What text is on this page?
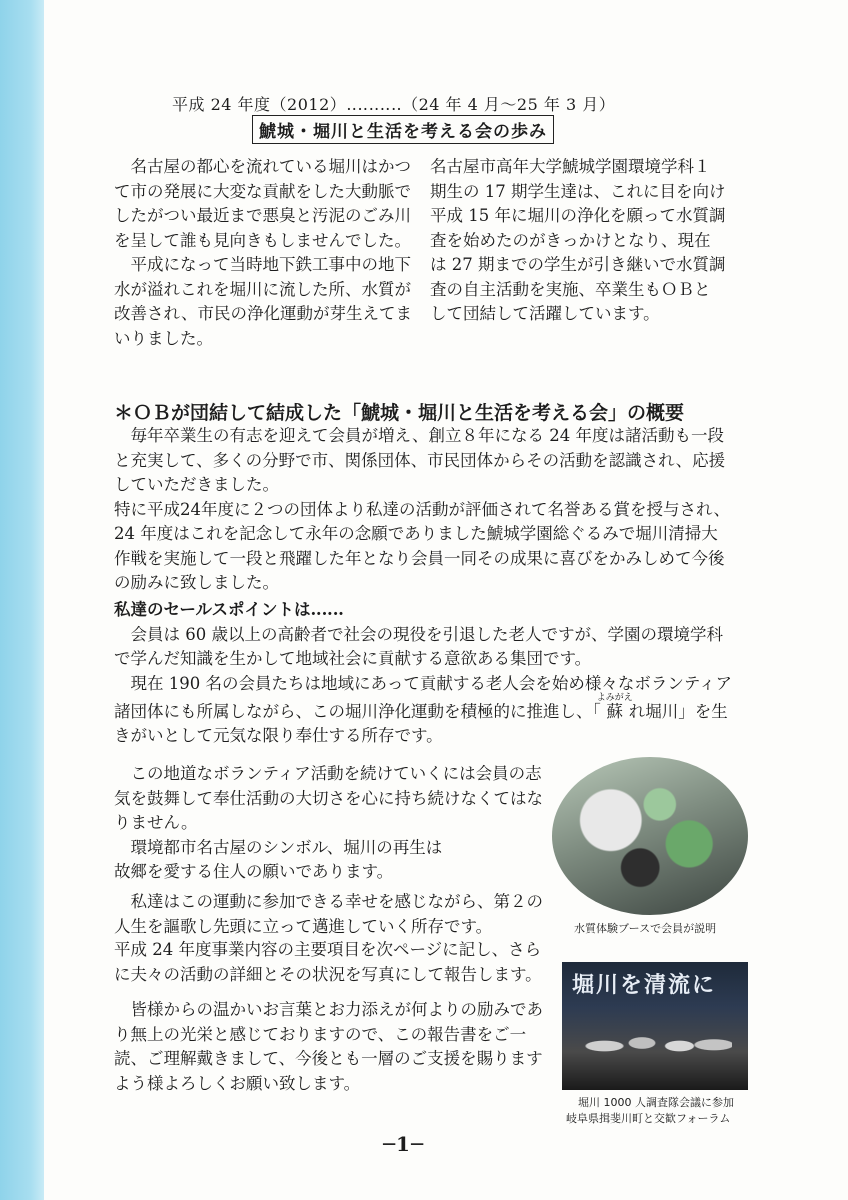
平成 24 年度（2012）‥‥‥‥‥（24 年 4 月～25 年 3 月）
鯱城・堀川と生活を考える会の歩み

名古屋の都心を流れている堀川はかつて市の発展に大変な貢献をした大動脈でしたがつい最近まで悪臭と汚泥のごみ川を呈して誰も見向きもしませんでした。

平成になって当時地下鉄工事中の地下水が溢れこれを堀川に流した所、水質が改善され、市民の浄化運動が芽生えてまいりました。

名古屋市高年大学鯱城学園環境学科１期生の 17 期学生達は、これに目を向け平成 15 年に堀川の浄化を願って水質調査を始めたのがきっかけとなり、現在は 27 期までの学生が引き継いで水質調査の自主活動を実施、卒業生もＯＢとして団結して活躍しています。

＊ＯＢが団結して結成した「鯱城・堀川と生活を考える会」の概要

毎年卒業生の有志を迎えて会員が増え、創立８年になる 24 年度は諸活動も一段と充実して、多くの分野で市、関係団体、市民団体からその活動を認識され、応援していただきました。

特に平成24年度に２つの団体より私達の活動が評価されて名誉ある賞を授与され、24 年度はこれを記念して永年の念願でありました鯱城学園総ぐるみで堀川清掃大作戦を実施して一段と飛躍した年となり会員一同その成果に喜びをかみしめて今後の励みに致しました。

私達のセールスポイントは‥‥‥

会員は 60 歳以上の高齢者で社会の現役を引退した老人ですが、学園の環境学科で学んだ知識を生かして地域社会に貢献する意欲ある集団です。

現在 190 名の会員たちは地域にあって貢献する老人会を始め様々なボランティア諸団体にも所属しながら、この堀川浄化運動を積極的に推進し、「蘇よみがえれ堀川」を生きがいとして元気な限り奉仕する所存です。

この地道なボランティア活動を続けていくには会員の志気を鼓舞して奉仕活動の大切さを心に持ち続けなくてはなりません。

環境都市名古屋のシンボル、堀川の再生は

故郷を愛する住人の願いであります。

私達はこの運動に参加できる幸せを感じながら、第２の

人生を謳歌し先頭に立って邁進していく所存です。

平成 24 年度事業内容の主要項目を次ページに記し、さらに夫々の活動の詳細とその状況を写真にして報告します。

皆様からの温かいお言葉とお力添えが何よりの励みであり無上の光栄と感じておりますので、この報告書をご一読、ご理解戴きまして、今後とも一層のご支援を賜りますよう様よろしくお願い致します。

水質体験ブースで会員が説明
堀川を清流に
堀川 1000 人調査隊会議に参加
岐阜県揖斐川町と交歓フォーラム
─1─
